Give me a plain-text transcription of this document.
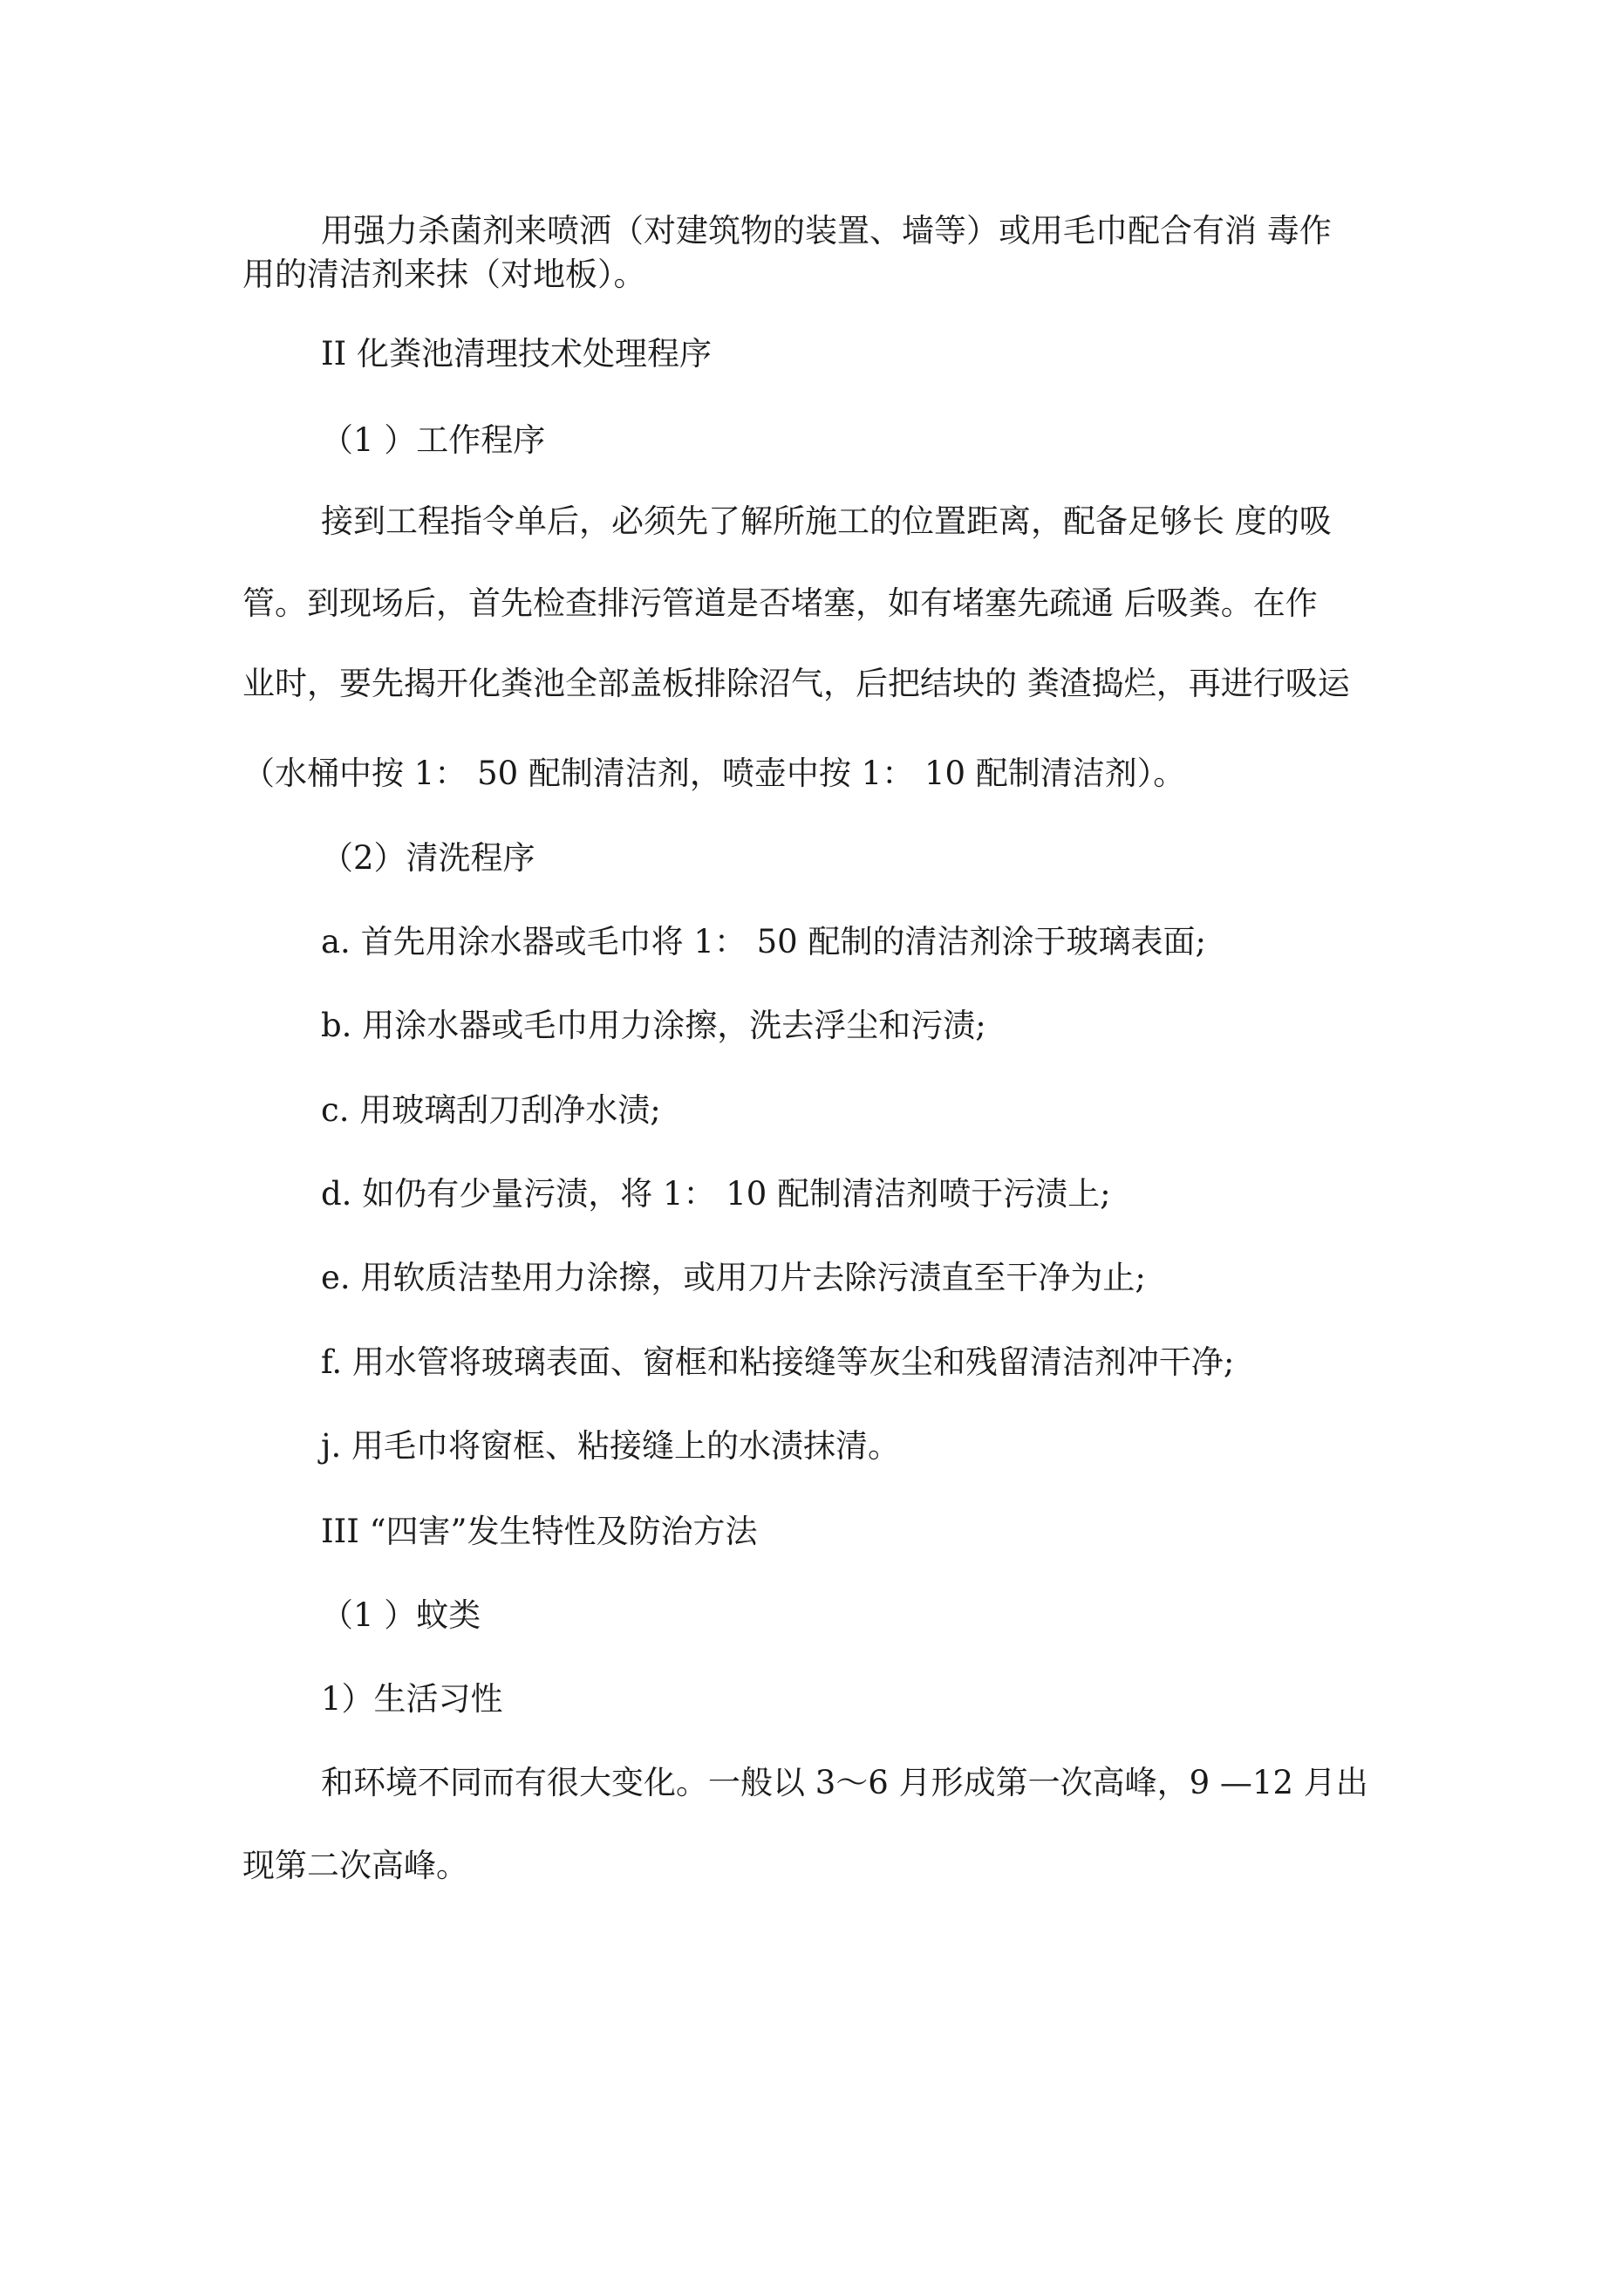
用强力杀菌剂来喷洒（对建筑物的装置、墙等）或用毛巾配合有消 毒作
用的清洁剂来抹（对地板）。
II 化粪池清理技术处理程序
（1 ）工作程序
接到工程指令单后，必须先了解所施工的位置距离，配备足够长 度的吸
管。到现场后，首先检查排污管道是否堵塞，如有堵塞先疏通 后吸粪。在作
业时，要先揭开化粪池全部盖板排除沼气，后把结块的 粪渣捣烂，再进行吸运
（水桶中按 1： 50 配制清洁剂，喷壶中按 1： 10 配制清洁剂）。
（2）清洗程序
a. 首先用涂水器或毛巾将 1： 50 配制的清洁剂涂于玻璃表面;
b. 用涂水器或毛巾用力涂擦，洗去浮尘和污渍;
c. 用玻璃刮刀刮净水渍;
d. 如仍有少量污渍，将 1： 10 配制清洁剂喷于污渍上;
e. 用软质洁垫用力涂擦，或用刀片去除污渍直至干净为止;
f. 用水管将玻璃表面、窗框和粘接缝等灰尘和残留清洁剂冲干净;
j. 用毛巾将窗框、粘接缝上的水渍抹清。
III “四害”发生特性及防治方法
（1 ）蚊类
1）生活习性
和环境不同而有很大变化。一般以 3〜6 月形成第一次高峰，9 —12 月出
现第二次高峰。
